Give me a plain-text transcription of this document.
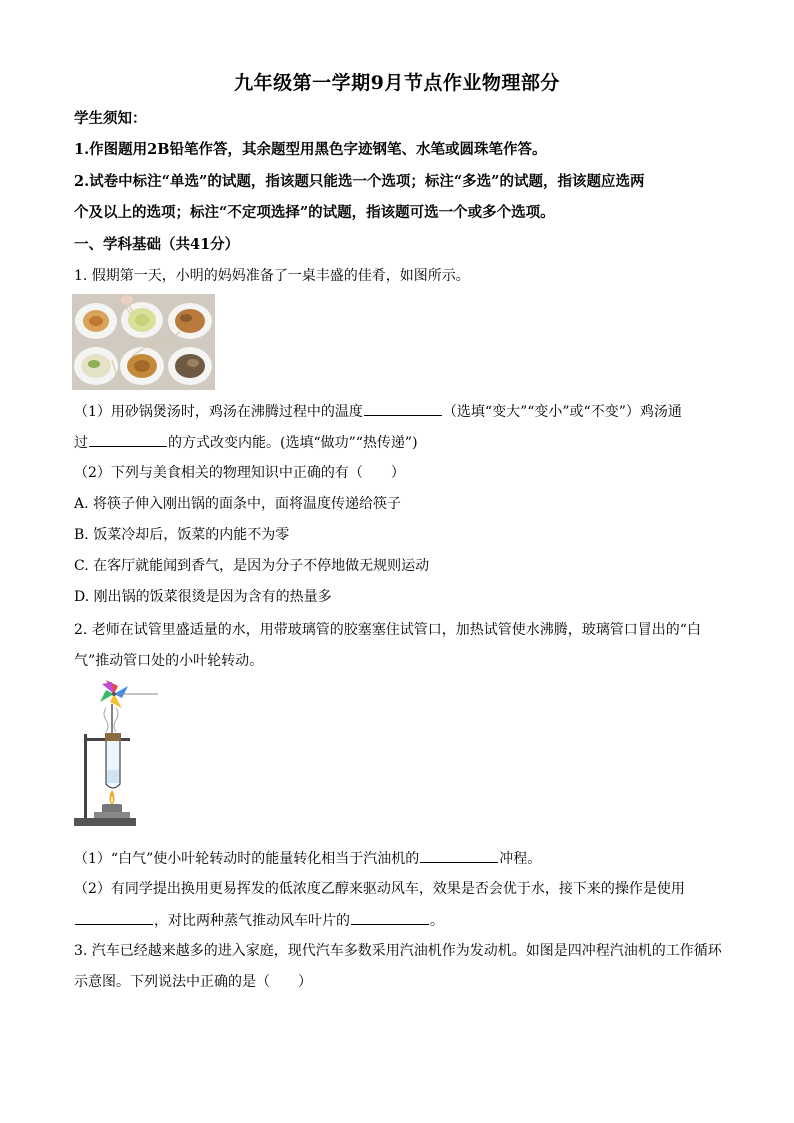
九年级第一学期9月节点作业物理部分
学生须知：
1.作图题用2B铅笔作答，其余题型用黑色字迹钢笔、水笔或圆珠笔作答。
2.试卷中标注“单选”的试题，指该题只能选一个选项；标注“多选”的试题，指该题应选两
个及以上的选项；标注“不定项选择”的试题，指该题可选一个或多个选项。
一、学科基础（共41分）
1. 假期第一天，小明的妈妈准备了一桌丰盛的佳肴，如图所示。
（1）用砂锅煲汤时，鸡汤在沸腾过程中的温度	（选填“变大”“变小”或“不变”）鸡汤通
过	的方式改变内能。(选填“做功”“热传递”)
（2）下列与美食相关的物理知识中正确的有（　　）
A. 将筷子伸入刚出锅的面条中，面将温度传递给筷子
B. 饭菜冷却后，饭菜的内能不为零
C. 在客厅就能闻到香气，是因为分子不停地做无规则运动
D. 刚出锅的饭菜很烫是因为含有的热量多
2. 老师在试管里盛适量的水，用带玻璃管的胶塞塞住试管口，加热试管使水沸腾，玻璃管口冒出的“白
气”推动管口处的小叶轮转动。
（1）“白气”使小叶轮转动时的能量转化相当于汽油机的	冲程。
（2）有同学提出换用更易挥发的低浓度乙醇来驱动风车，效果是否会优于水，接下来的操作是使用
，对比两种蒸气推动风车叶片的	。
3. 汽车已经越来越多的进入家庭，现代汽车多数采用汽油机作为发动机。如图是四冲程汽油机的工作循环
示意图。下列说法中正确的是（　　）
